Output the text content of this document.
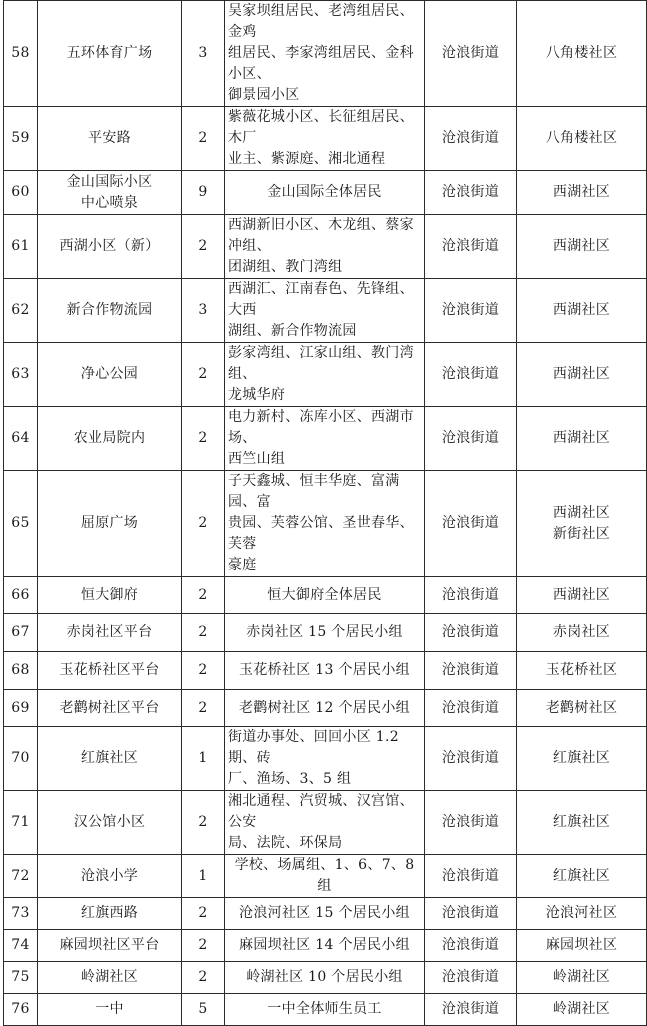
58	五环体育广场	3	吴家坝组居民、老湾组居民、金鸡
组居民、李家湾组居民、金科小区、
御景园小区	沧浪街道	八角楼社区

59	平安路	2	紫薇花城小区、长征组居民、木厂
业主、紫源庭、湘北通程	沧浪街道	八角楼社区

60	金山国际小区
中心喷泉	9	金山国际全体居民	沧浪街道	西湖社区

61	西湖小区（新）	2	西湖新旧小区、木龙组、蔡家冲组、
团湖组、教门湾组	沧浪街道	西湖社区

62	新合作物流园	3	西湖汇、江南春色、先锋组、大西
湖组、新合作物流园	沧浪街道	西湖社区

63	净心公园	2	彭家湾组、江家山组、教门湾组、
龙城华府	沧浪街道	西湖社区

64	农业局院内	2	电力新村、冻库小区、西湖市场、
西竺山组	沧浪街道	西湖社区

65	屈原广场	2	子天鑫城、恒丰华庭、富满园、富
贵园、芙蓉公馆、圣世春华、芙蓉
豪庭	沧浪街道	西湖社区
新街社区

66	恒大御府	2	恒大御府全体居民	沧浪街道	西湖社区

67	赤岗社区平台	2	赤岗社区 15 个居民小组	沧浪街道	赤岗社区

68	玉花桥社区平台	2	玉花桥社区 13 个居民小组	沧浪街道	玉花桥社区

69	老鹳树社区平台	2	老鹳树社区 12 个居民小组	沧浪街道	老鹳树社区

70	红旗社区	1	街道办事处、回回小区 1.2 期、砖
厂、渔场、3、5 组	沧浪街道	红旗社区

71	汉公馆小区	2	湘北通程、汽贸城、汉宫馆、公安
局、法院、环保局	沧浪街道	红旗社区

72	沧浪小学	1	学校、场属组、1、6、7、8 组	沧浪街道	红旗社区

73	红旗西路	2	沧浪河社区 15 个居民小组	沧浪街道	沧浪河社区

74	麻园坝社区平台	2	麻园坝社区 14 个居民小组	沧浪街道	麻园坝社区

75	岭湖社区	2	岭湖社区 10 个居民小组	沧浪街道	岭湖社区

76	一中	5	一中全体师生员工	沧浪街道	岭湖社区
